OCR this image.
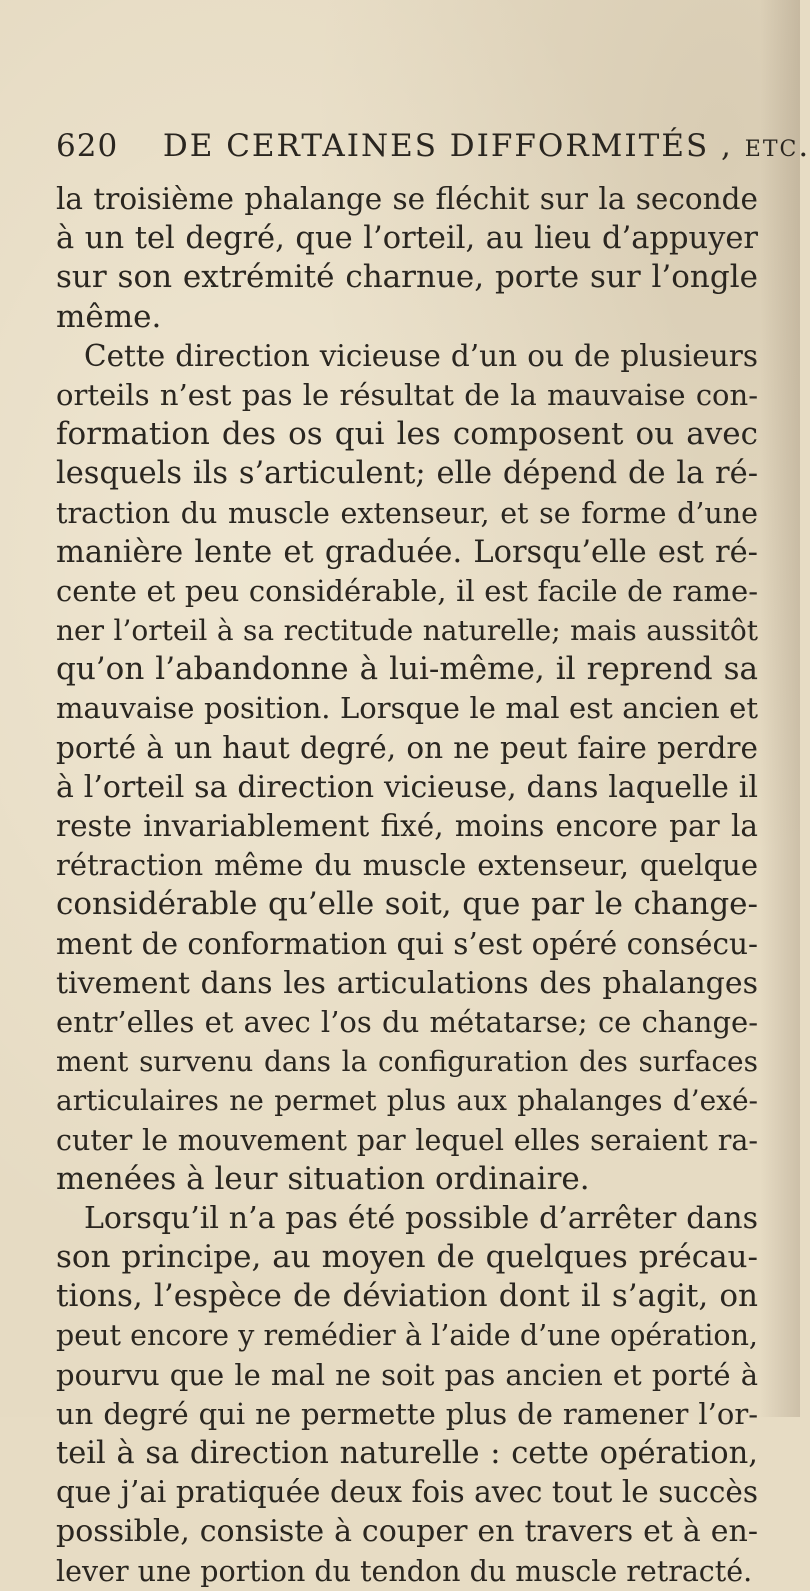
620 DE CERTAINES DIFFORMITÉS , etc.
la troisième phalange se fléchit sur la seconde
à un tel degré, que l’orteil, au lieu d’appuyer
sur son extrémité charnue, porte sur l’ongle
même.
Cette direction vicieuse d’un ou de plusieurs
orteils n’est pas le résultat de la mauvaise con-
formation des os qui les composent ou avec
lesquels ils s’articulent; elle dépend de la ré-
traction du muscle extenseur, et se forme d’une
manière lente et graduée. Lorsqu’elle est ré-
cente et peu considérable, il est facile de rame-
ner l’orteil à sa rectitude naturelle; mais aussitôt
qu’on l’abandonne à lui-même, il reprend sa
mauvaise position. Lorsque le mal est ancien et
porté à un haut degré, on ne peut faire perdre
à l’orteil sa direction vicieuse, dans laquelle il
reste invariablement fixé, moins encore par la
rétraction même du muscle extenseur, quelque
considérable qu’elle soit, que par le change-
ment de conformation qui s’est opéré consécu-
tivement dans les articulations des phalanges
entr’elles et avec l’os du métatarse; ce change-
ment survenu dans la configuration des surfaces
articulaires ne permet plus aux phalanges d’exé-
cuter le mouvement par lequel elles seraient ra-
menées à leur situation ordinaire.
Lorsqu’il n’a pas été possible d’arrêter dans
son principe, au moyen de quelques précau-
tions, l’espèce de déviation dont il s’agit, on
peut encore y remédier à l’aide d’une opération,
pourvu que le mal ne soit pas ancien et porté à
un degré qui ne permette plus de ramener l’or-
teil à sa direction naturelle : cette opération,
que j’ai pratiquée deux fois avec tout le succès
possible, consiste à couper en travers et à en-
lever une portion du tendon du muscle retracté.
